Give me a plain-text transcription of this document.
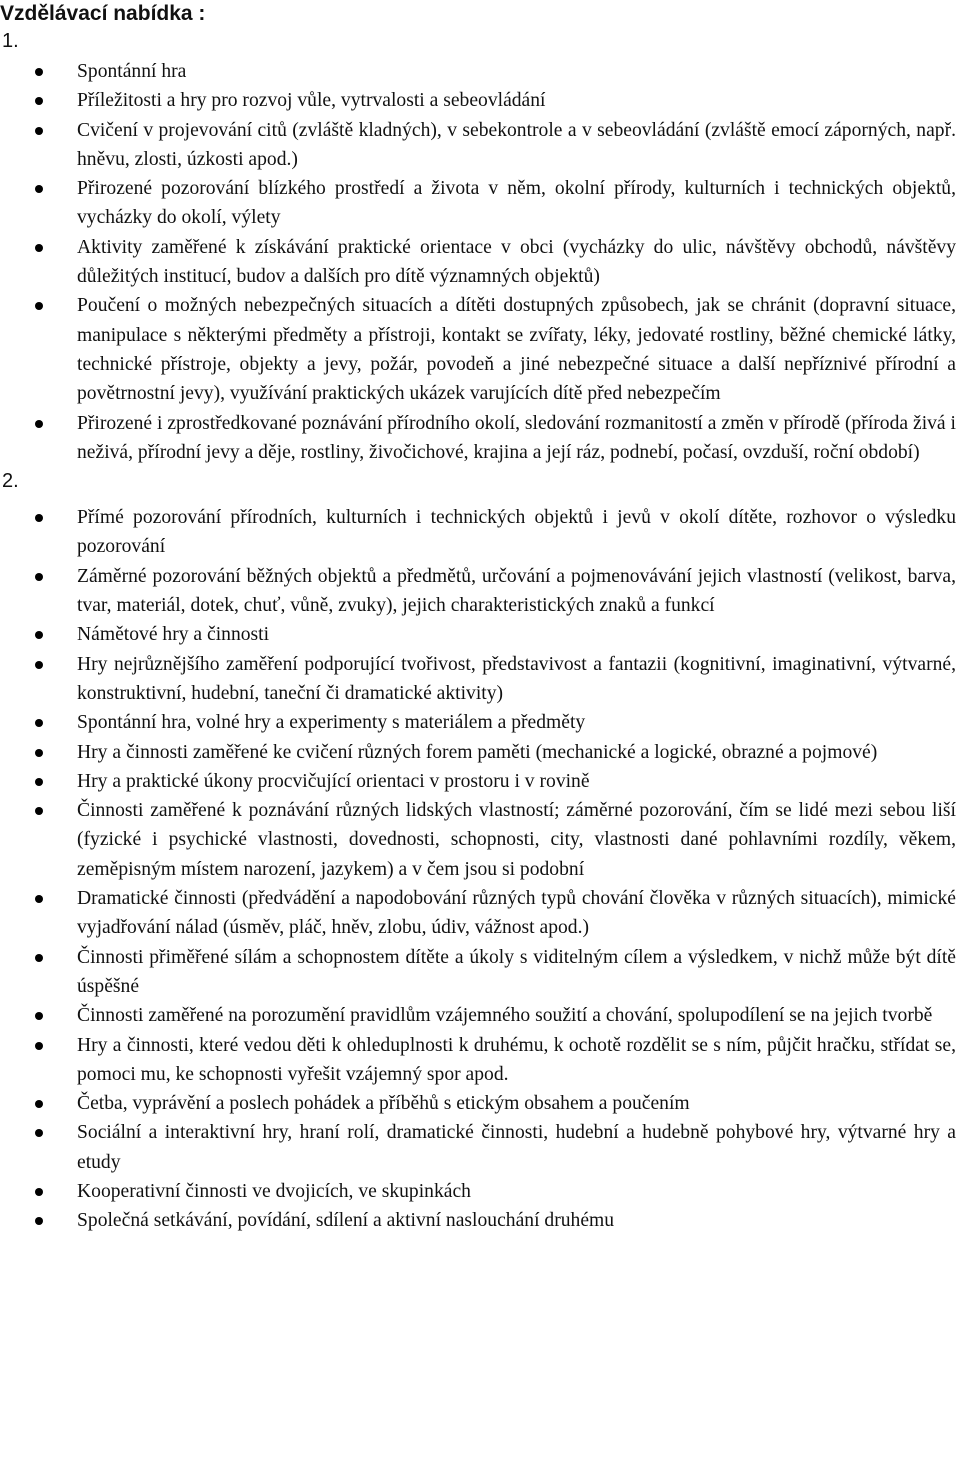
Vzdělávací nabídka :

1.

Spontánní hra
Příležitosti a hry pro rozvoj vůle, vytrvalosti a sebeovládání
Cvičení v projevování citů (zvláště kladných), v sebekontrole a v sebeovládání (zvláště emocí záporných, např. hněvu, zlosti, úzkosti apod.)
Přirozené pozorování blízkého prostředí a života v něm, okolní přírody, kulturních i technických objektů, vycházky do okolí, výlety
Aktivity zaměřené k získávání praktické orientace v obci (vycházky do ulic, návštěvy obchodů, návštěvy důležitých institucí, budov a dalších pro dítě významných objektů)
Poučení o možných nebezpečných situacích a dítěti dostupných způsobech, jak se chránit (dopravní situace, manipulace s některými předměty a přístroji, kontakt se zvířaty, léky, jedovaté rostliny, běžné chemické látky, technické přístroje, objekty a jevy, požár, povodeň a jiné nebezpečné situace a další nepříznivé přírodní a povětrnostní jevy), využívání praktických ukázek varujících dítě před nebezpečím
Přirozené i zprostředkované poznávání přírodního okolí, sledování rozmanitostí a změn v přírodě (příroda živá i neživá, přírodní jevy a děje, rostliny, živočichové, krajina a její ráz, podnebí, počasí, ovzduší, roční období)

2.

Přímé pozorování přírodních, kulturních i technických objektů i jevů v okolí dítěte, rozhovor o výsledku pozorování
Záměrné pozorování běžných objektů a předmětů, určování a pojmenovávání jejich vlastností (velikost, barva, tvar, materiál, dotek, chuť, vůně, zvuky), jejich charakteristických znaků a funkcí
Námětové hry a činnosti
Hry nejrůznějšího zaměření podporující tvořivost, představivost a fantazii (kognitivní, imaginativní, výtvarné, konstruktivní, hudební, taneční či dramatické aktivity)
Spontánní hra, volné hry a experimenty s materiálem a předměty
Hry a činnosti zaměřené ke cvičení různých forem paměti (mechanické a logické, obrazné a pojmové)
Hry a praktické úkony procvičující orientaci v prostoru i v rovině
Činnosti zaměřené k poznávání různých lidských vlastností; záměrné pozorování, čím se lidé mezi sebou liší (fyzické i psychické vlastnosti, dovednosti, schopnosti, city, vlastnosti dané pohlavními rozdíly, věkem, zeměpisným místem narození, jazykem) a v čem jsou si podobní
Dramatické činnosti (předvádění a napodobování různých typů chování člověka v různých situacích), mimické vyjadřování nálad (úsměv, pláč, hněv, zlobu, údiv, vážnost apod.)
Činnosti přiměřené sílám a schopnostem dítěte a úkoly s viditelným cílem a výsledkem, v nichž může být dítě úspěšné
Činnosti zaměřené na porozumění pravidlům vzájemného soužití a chování, spolupodílení se na jejich tvorbě
Hry a činnosti, které vedou děti k ohleduplnosti k druhému, k ochotě rozdělit se s ním, půjčit hračku, střídat se, pomoci mu, ke schopnosti vyřešit vzájemný spor apod.
Četba, vyprávění a poslech pohádek a příběhů s etickým obsahem a poučením
Sociální a interaktivní hry, hraní rolí, dramatické činnosti, hudební a hudebně pohybové hry, výtvarné hry a etudy
Kooperativní činnosti ve dvojicích, ve skupinkách
Společná setkávání, povídání, sdílení a aktivní naslouchání druhému
